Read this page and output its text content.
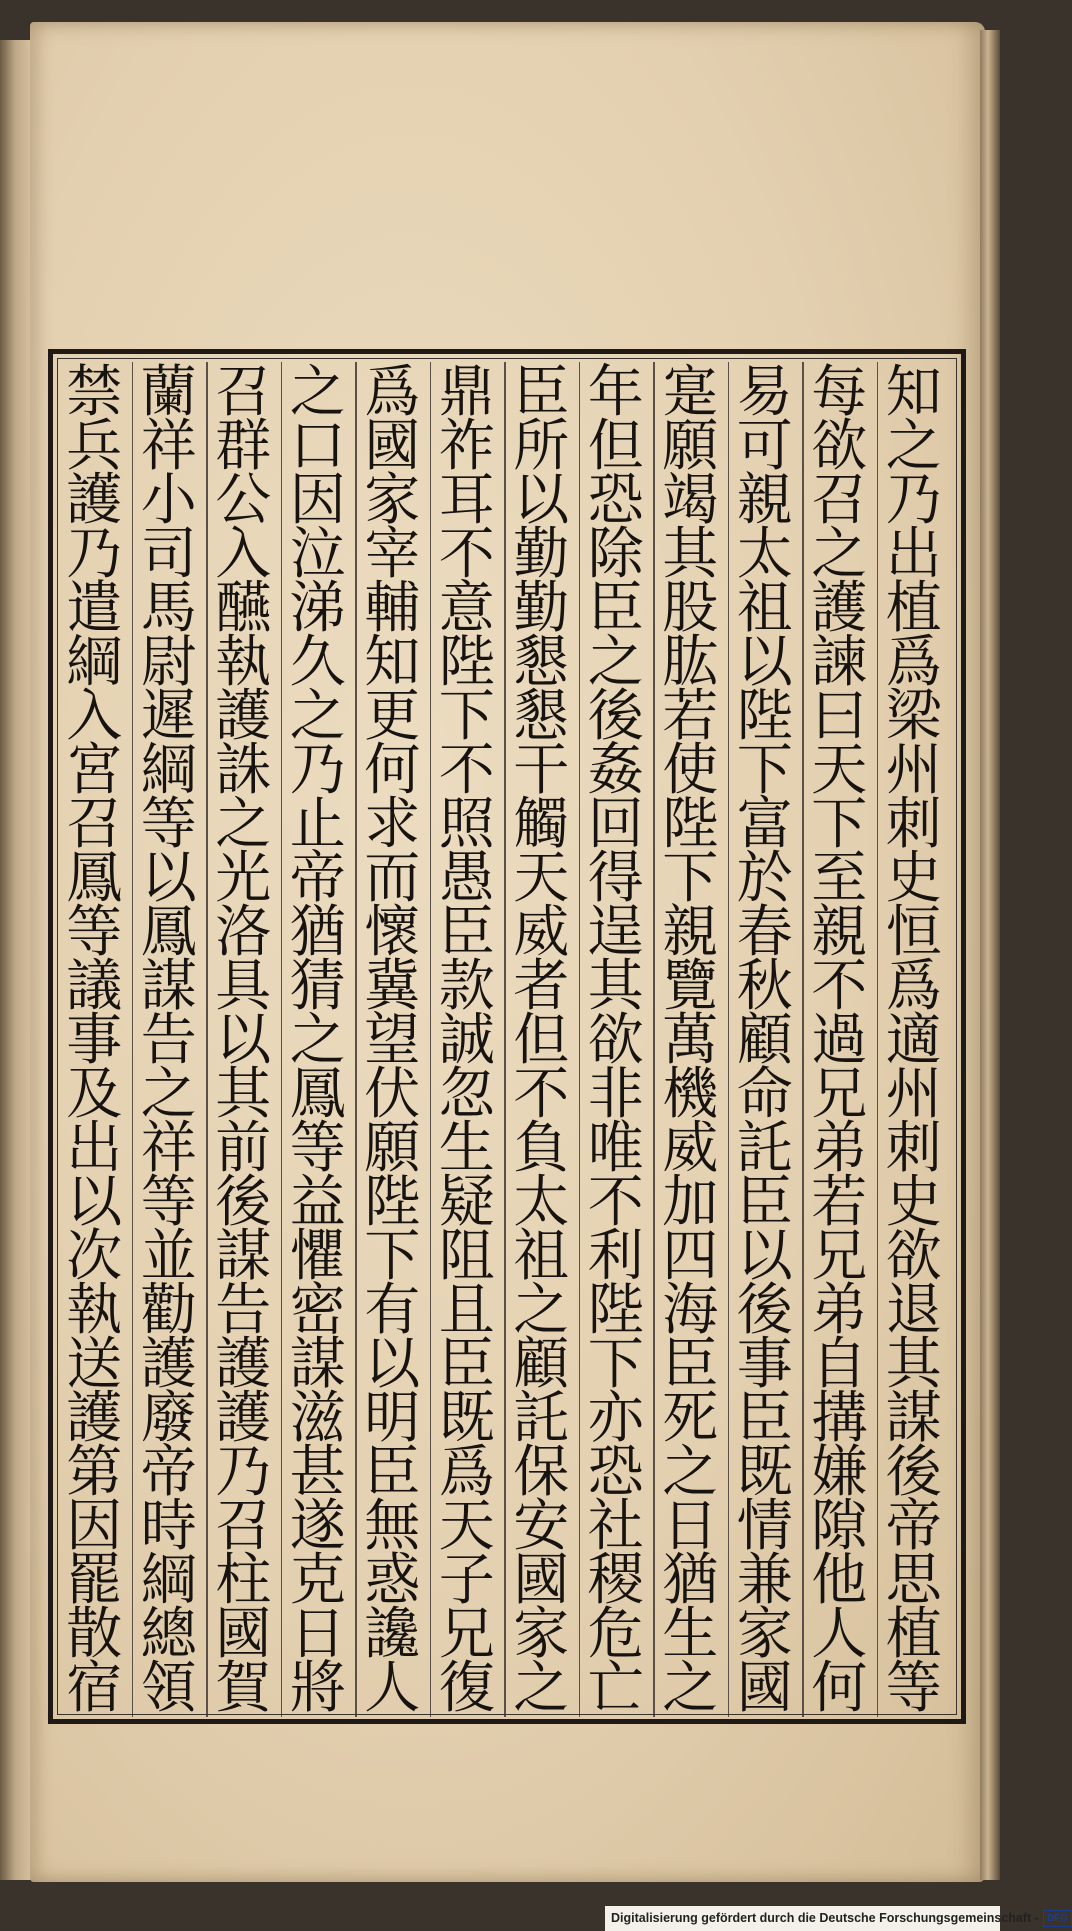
知
之
乃
出
植
爲
梁
州
刺
史
恒
爲
適
州
刺
史
欲
退
其
謀
後
帝
思
植
等
每
欲
召
之
護
諫
曰
天
下
至
親
不
過
兄
弟
若
兄
弟
自
搆
嫌
隙
他
人
何
易
可
親
太
祖
以
陛
下
富
於
春
秋
顧
命
託
臣
以
後
事
臣
既
情
兼
家
國
寔
願
竭
其
股
肱
若
使
陛
下
親
覽
萬
機
威
加
四
海
臣
死
之
日
猶
生
之
年
但
恐
除
臣
之
後
姦
回
得
逞
其
欲
非
唯
不
利
陛
下
亦
恐
社
稷
危
亡
臣
所
以
勤
勤
懇
懇
干
觸
天
威
者
但
不
負
太
祖
之
顧
託
保
安
國
家
之
鼎
祚
耳
不
意
陛
下
不
照
愚
臣
款
誠
忽
生
疑
阻
且
臣
既
爲
天
子
兄
復
爲
國
家
宰
輔
知
更
何
求
而
懷
冀
望
伏
願
陛
下
有
以
明
臣
無
惑
讒
人
之
口
因
泣
涕
久
之
乃
止
帝
猶
猜
之
鳳
等
益
懼
密
謀
滋
甚
遂
克
日
將
召
群
公
入
醼
執
護
誅
之
光
洛
具
以
其
前
後
謀
告
護
護
乃
召
柱
國
賀
蘭
祥
小
司
馬
尉
遲
綱
等
以
鳳
謀
告
之
祥
等
並
勸
護
廢
帝
時
綱
總
領
禁
兵
護
乃
遣
綱
入
宮
召
鳳
等
議
事
及
出
以
次
執
送
護
第
因
罷
散
宿
Digitalisierung gefördert durch die Deutsche Forschungsgemeinschaft - DFG
